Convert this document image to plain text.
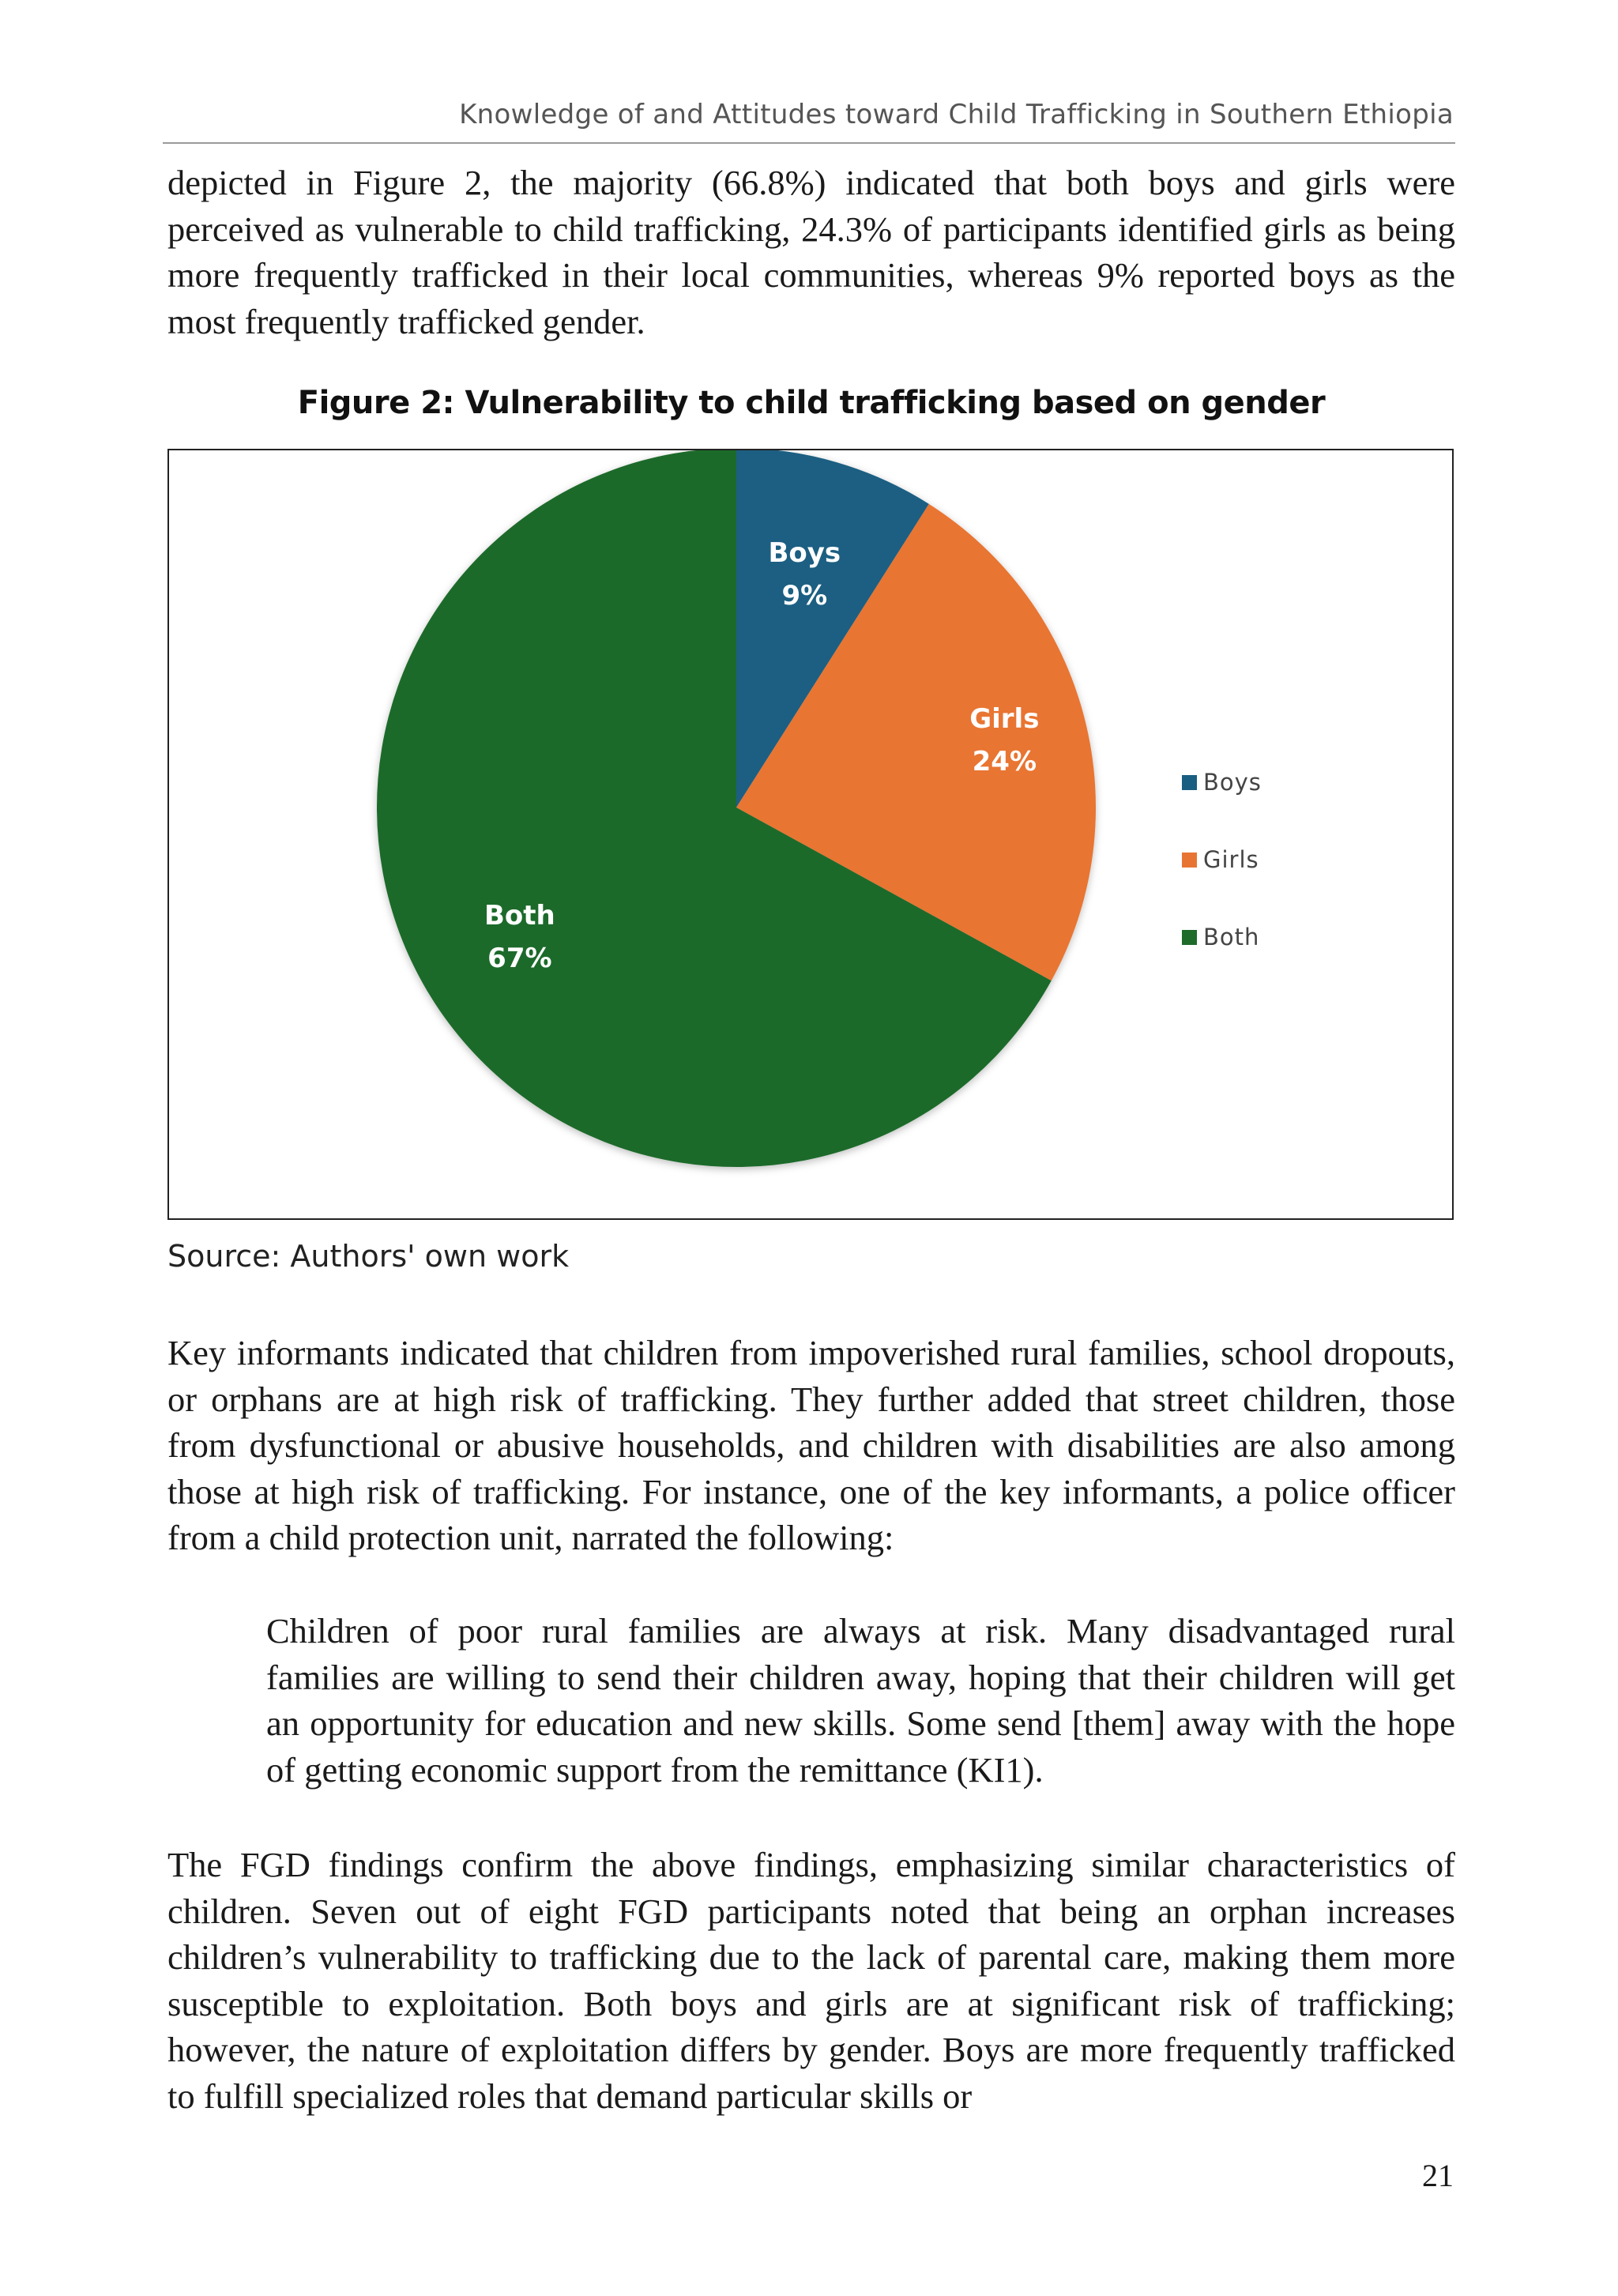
Knowledge of and Attitudes toward Child Trafficking in Southern Ethiopia

depicted in Figure 2, the majority (66.8%) indicated that both boys and girls were perceived as vulnerable to child trafficking, 24.3% of participants identified girls as being more frequently trafficked in their local communities, whereas 9% reported boys as the most frequently trafficked gender.

Figure 2: Vulnerability to child trafficking based on gender
Boys 9%
Girls 24%
Both 67%
Boys
Girls
Both
Source: Authors' own work

Key informants indicated that children from impoverished rural families, school dropouts, or orphans are at high risk of trafficking. They further added that street children, those from dysfunctional or abusive households, and children with disabilities are also among those at high risk of trafficking. For instance, one of the key informants, a police officer from a child protection unit, narrated the following:

Children of poor rural families are always at risk. Many disadvantaged rural families are willing to send their children away, hoping that their children will get an opportunity for education and new skills. Some send [them] away with the hope of getting economic support from the remittance (KI1).

The FGD findings confirm the above findings, emphasizing similar characteristics of children. Seven out of eight FGD participants noted that being an orphan increases children’s vulnerability to trafficking due to the lack of parental care, making them more susceptible to exploitation. Both boys and girls are at significant risk of trafficking; however, the nature of exploitation differs by gender. Boys are more frequently trafficked to fulfill specialized roles that demand particular skills or

21
